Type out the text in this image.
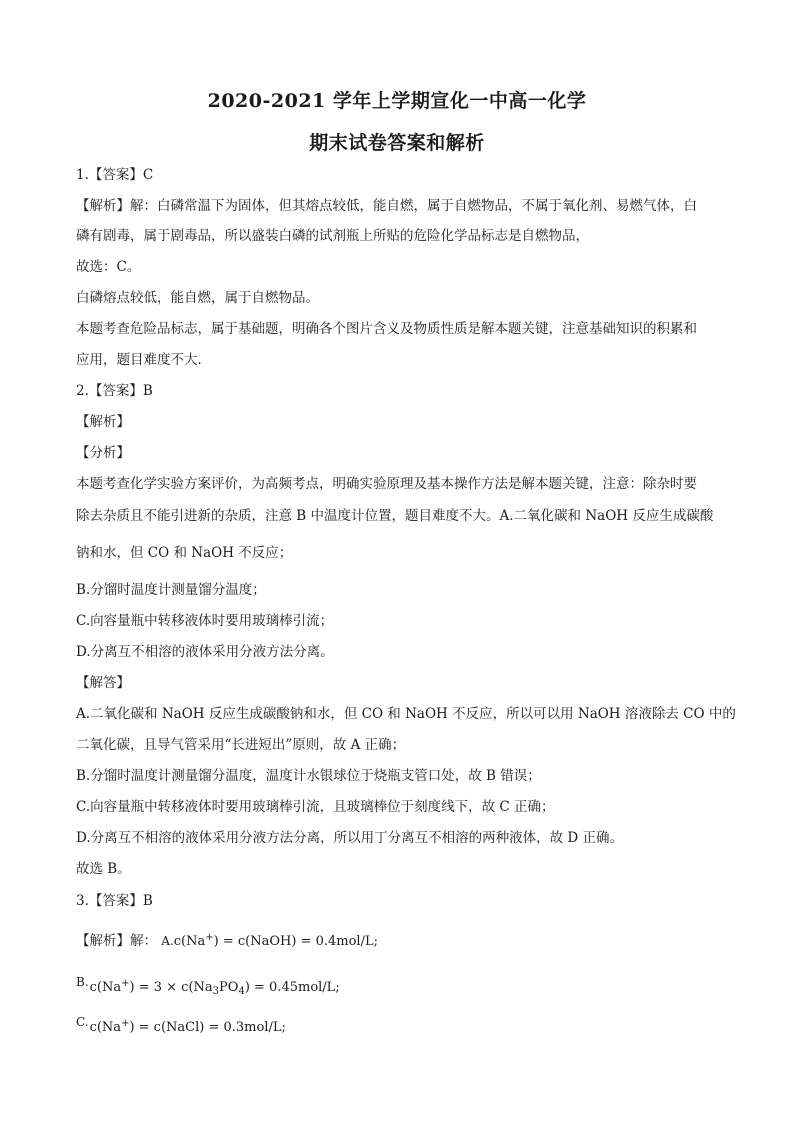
2020-2021 学年上学期宣化一中高一化学
期末试卷答案和解析
1.【答案】C
【解析】解：白磷常温下为固体，但其熔点较低，能自燃，属于自燃物品，不属于氧化剂、易燃气体，白
磷有剧毒，属于剧毒品，所以盛装白磷的试剂瓶上所贴的危险化学品标志是自燃物品，
故选：C。
白磷熔点较低，能自燃，属于自燃物品。
本题考查危险品标志，属于基础题，明确各个图片含义及物质性质是解本题关键，注意基础知识的积累和
应用，题目难度不大．
2.【答案】B
【解析】
【分析】
本题考查化学实验方案评价，为高频考点，明确实验原理及基本操作方法是解本题关键，注意：除杂时要
除去杂质且不能引进新的杂质，注意 B 中温度计位置，题目难度不大。A.二氧化碳和 NaOH 反应生成碳酸
钠和水，但 CO 和 NaOH 不反应；
B.分馏时温度计测量馏分温度；
C.向容量瓶中转移液体时要用玻璃棒引流；
D.分离互不相溶的液体采用分液方法分离。
【解答】
A.二氧化碳和 NaOH 反应生成碳酸钠和水，但 CO 和 NaOH 不反应，所以可以用 NaOH 溶液除去 CO 中的
二氧化碳，且导气管采用“长进短出”原则，故 A 正确；
B.分馏时温度计测量馏分温度，温度计水银球位于烧瓶支管口处，故 B 错误；
C.向容量瓶中转移液体时要用玻璃棒引流，且玻璃棒位于刻度线下，故 C 正确；
D.分离互不相溶的液体采用分液方法分离，所以用丁分离互不相溶的两种液体，故 D 正确。
故选 B。
3.【答案】B
【解析】解： A.c(Na+) = c(NaOH) = 0.4mol/L;
$B.c(Na^+) = 3 \times c(Na_3PO_4) = 0.45mol/L$;
C.c(Na+) = c(NaCl) = 0.3mol/L;
